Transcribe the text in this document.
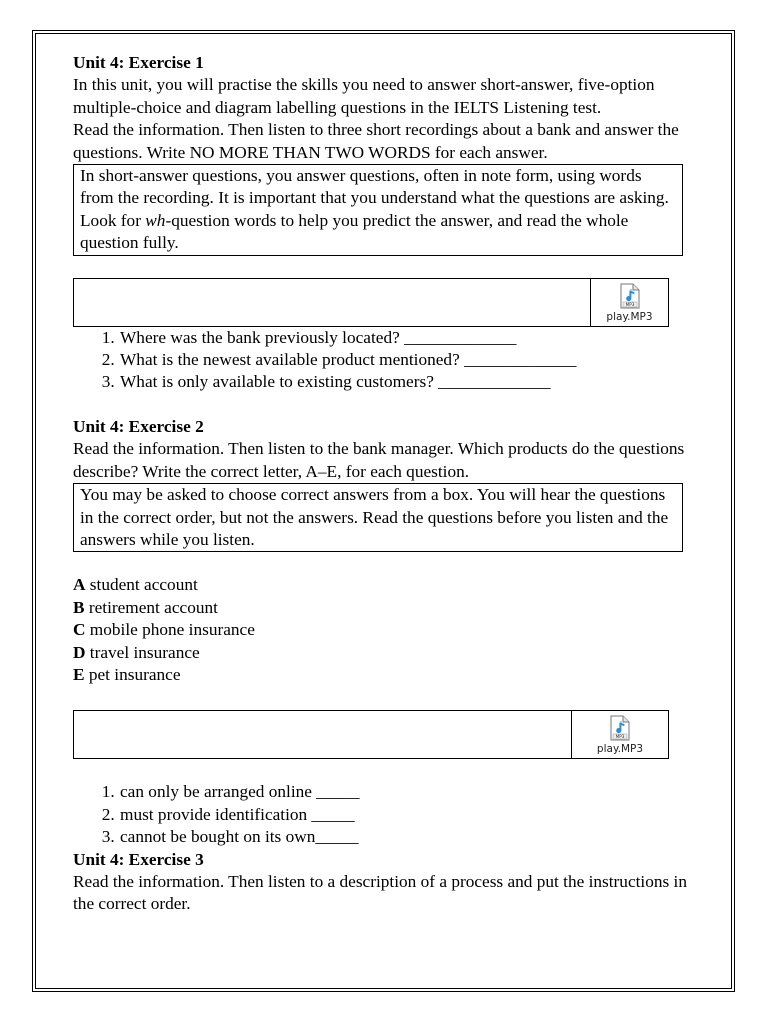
Unit 4: Exercise 1

In this unit, you will practise the skills you need to answer short-answer, five-option multiple-choice and diagram labelling questions in the IELTS Listening test.

Read the information. Then listen to three short recordings about a bank and answer the questions. Write NO MORE THAN TWO WORDS for each answer.

In short-answer questions, you answer questions, often in note form, using words from the recording. It is important that you understand what the questions are asking. Look for wh-question words to help you predict the answer, and read the whole question fully.
MP3
play.MP3
1. Where was the bank previously located? _____________
2. What is the newest available product mentioned? _____________
3. What is only available to existing customers? _____________

Unit 4: Exercise 2

Read the information. Then listen to the bank manager. Which products do the questions describe? Write the correct letter, A–E, for each question.

You may be asked to choose correct answers from a box. You will hear the questions in the correct order, but not the answers. Read the questions before you listen and the answers while you listen.

A student account

B retirement account

C mobile phone insurance

D travel insurance

E pet insurance

MP3
play.MP3
1. can only be arranged online _____
2. must provide identification _____
3. cannot be bought on its own_____

Unit 4: Exercise 3

Read the information. Then listen to a description of a process and put the instructions in the correct order.
